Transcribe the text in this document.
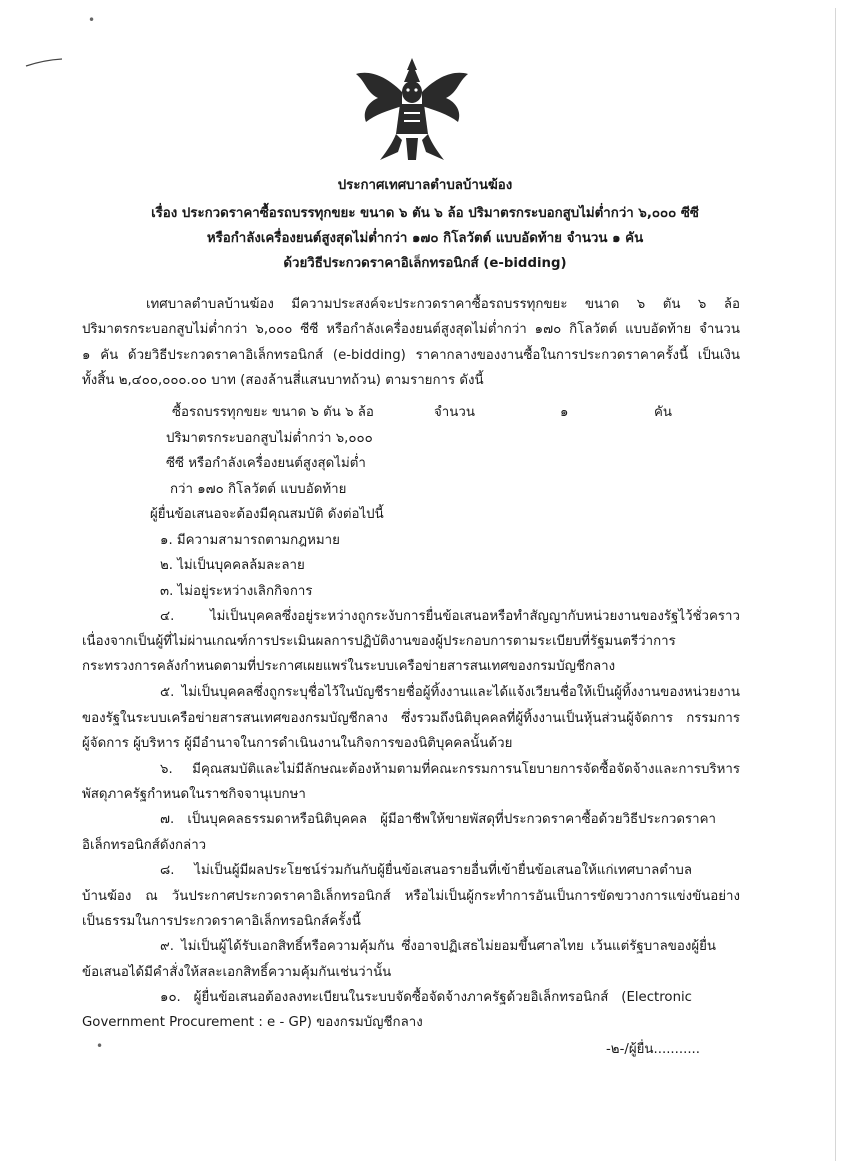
•
•
ประกาศเทศบาลตำบลบ้านฆ้อง
เรื่อง ประกวดราคาซื้อรถบรรทุกขยะ ขนาด ๖ ตัน ๖ ล้อ ปริมาตรกระบอกสูบไม่ต่ำกว่า ๖,๐๐๐ ซีซี
หรือกำลังเครื่องยนต์สูงสุดไม่ต่ำกว่า ๑๗๐ กิโลวัตต์ แบบอัดท้าย จำนวน ๑ คัน
ด้วยวิธีประกวดราคาอิเล็กทรอนิกส์ (e-bidding)
เทศบาลตำบลบ้านฆ้อง มีความประสงค์จะประกวดราคาซื้อรถบรรทุกขยะ ขนาด ๖ ตัน ๖ ล้อ
ปริมาตรกระบอกสูบไม่ต่ำกว่า ๖,๐๐๐ ซีซี หรือกำลังเครื่องยนต์สูงสุดไม่ต่ำกว่า ๑๗๐ กิโลวัตต์ แบบอัดท้าย จำนวน
๑ คัน ด้วยวิธีประกวดราคาอิเล็กทรอนิกส์ (e-bidding) ราคากลางของงานซื้อในการประกวดราคาครั้งนี้ เป็นเงิน
ทั้งสิ้น ๒,๔๐๐,๐๐๐.๐๐ บาท (สองล้านสี่แสนบาทถ้วน) ตามรายการ ดังนี้
ซื้อรถบรรทุกขยะ ขนาด ๖ ตัน ๖ ล้อ	จำนวน	๑	คัน
ปริมาตรกระบอกสูบไม่ต่ำกว่า ๖,๐๐๐
ซีซี หรือกำลังเครื่องยนต์สูงสุดไม่ต่ำ
กว่า ๑๗๐ กิโลวัตต์ แบบอัดท้าย
ผู้ยื่นข้อเสนอจะต้องมีคุณสมบัติ ดังต่อไปนี้
๑. มีความสามารถตามกฎหมาย
๒. ไม่เป็นบุคคลล้มละลาย
๓. ไม่อยู่ระหว่างเลิกกิจการ
๔. ไม่เป็นบุคคลซึ่งอยู่ระหว่างถูกระงับการยื่นข้อเสนอหรือทำสัญญากับหน่วยงานของรัฐไว้ชั่วคราว
เนื่องจากเป็นผู้ที่ไม่ผ่านเกณฑ์การประเมินผลการปฏิบัติงานของผู้ประกอบการตามระเบียบที่รัฐมนตรีว่าการ
กระทรวงการคลังกำหนดตามที่ประกาศเผยแพร่ในระบบเครือข่ายสารสนเทศของกรมบัญชีกลาง
๕. ไม่เป็นบุคคลซึ่งถูกระบุชื่อไว้ในบัญชีรายชื่อผู้ทิ้งงานและได้แจ้งเวียนชื่อให้เป็นผู้ทิ้งงานของหน่วยงาน
ของรัฐในระบบเครือข่ายสารสนเทศของกรมบัญชีกลาง ซึ่งรวมถึงนิติบุคคลที่ผู้ทิ้งงานเป็นหุ้นส่วนผู้จัดการ กรรมการ
ผู้จัดการ ผู้บริหาร ผู้มีอำนาจในการดำเนินงานในกิจการของนิติบุคคลนั้นด้วย
๖. มีคุณสมบัติและไม่มีลักษณะต้องห้ามตามที่คณะกรรมการนโยบายการจัดซื้อจัดจ้างและการบริหาร
พัสดุภาครัฐกำหนดในราชกิจจานุเบกษา
๗. เป็นบุคคลธรรมดาหรือนิติบุคคล ผู้มีอาชีพให้ขายพัสดุที่ประกวดราคาซื้อด้วยวิธีประกวดราคา
อิเล็กทรอนิกส์ดังกล่าว
๘. ไม่เป็นผู้มีผลประโยชน์ร่วมกันกับผู้ยื่นข้อเสนอรายอื่นที่เข้ายื่นข้อเสนอให้แก่เทศบาลตำบล
บ้านฆ้อง ณ วันประกาศประกวดราคาอิเล็กทรอนิกส์ หรือไม่เป็นผู้กระทำการอันเป็นการขัดขวางการแข่งขันอย่าง
เป็นธรรมในการประกวดราคาอิเล็กทรอนิกส์ครั้งนี้
๙. ไม่เป็นผู้ได้รับเอกสิทธิ์หรือความคุ้มกัน ซึ่งอาจปฏิเสธไม่ยอมขึ้นศาลไทย เว้นแต่รัฐบาลของผู้ยื่น
ข้อเสนอได้มีคำสั่งให้สละเอกสิทธิ์ความคุ้มกันเช่นว่านั้น
๑๐. ผู้ยื่นข้อเสนอต้องลงทะเบียนในระบบจัดซื้อจัดจ้างภาครัฐด้วยอิเล็กทรอนิกส์ (Electronic
Government Procurement : e - GP) ของกรมบัญชีกลาง
-๒-/ผู้ยื่น...........
